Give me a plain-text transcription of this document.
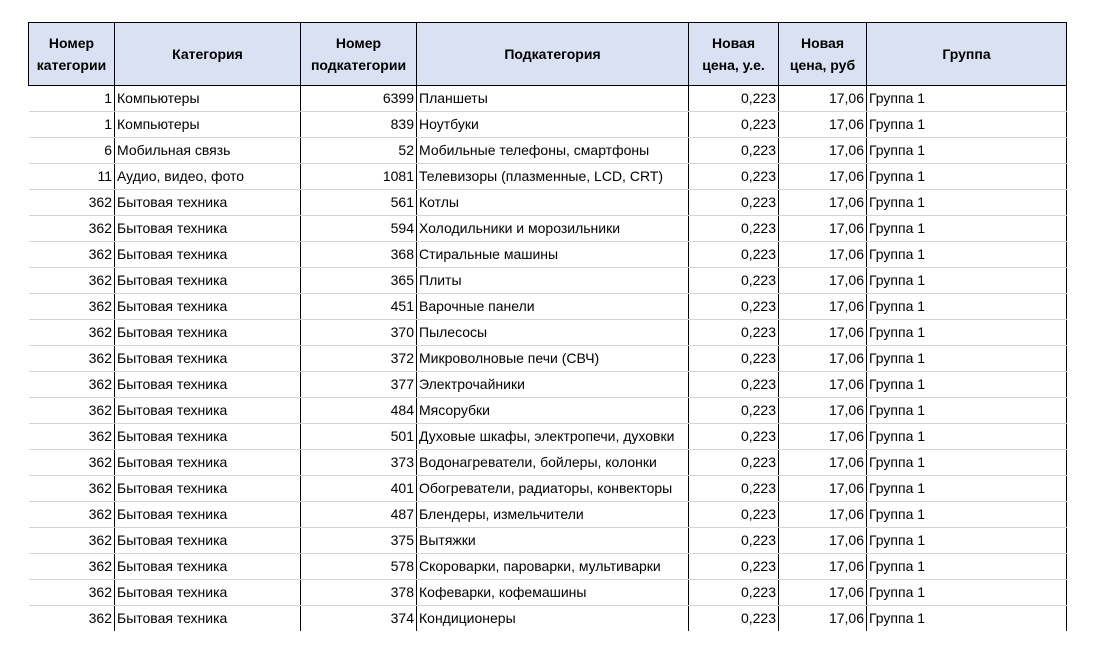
Номер категории	Категория	Номер подкатегории	Подкатегория	Новая цена, у.е.	Новая цена, руб	Группа
1	Компьютеры	6399	Планшеты	0,223	17,06	Группа 1
1	Компьютеры	839	Ноутбуки	0,223	17,06	Группа 1
6	Мобильная связь	52	Мобильные телефоны, смартфоны	0,223	17,06	Группа 1
11	Аудио, видео, фото	1081	Телевизоры (плазменные, LCD, CRT)	0,223	17,06	Группа 1
362	Бытовая техника	561	Котлы	0,223	17,06	Группа 1
362	Бытовая техника	594	Холодильники и морозильники	0,223	17,06	Группа 1
362	Бытовая техника	368	Стиральные машины	0,223	17,06	Группа 1
362	Бытовая техника	365	Плиты	0,223	17,06	Группа 1
362	Бытовая техника	451	Варочные панели	0,223	17,06	Группа 1
362	Бытовая техника	370	Пылесосы	0,223	17,06	Группа 1
362	Бытовая техника	372	Микроволновые печи (СВЧ)	0,223	17,06	Группа 1
362	Бытовая техника	377	Электрочайники	0,223	17,06	Группа 1
362	Бытовая техника	484	Мясорубки	0,223	17,06	Группа 1
362	Бытовая техника	501	Духовые шкафы, электропечи, духовки	0,223	17,06	Группа 1
362	Бытовая техника	373	Водонагреватели, бойлеры, колонки	0,223	17,06	Группа 1
362	Бытовая техника	401	Обогреватели, радиаторы, конвекторы	0,223	17,06	Группа 1
362	Бытовая техника	487	Блендеры, измельчители	0,223	17,06	Группа 1
362	Бытовая техника	375	Вытяжки	0,223	17,06	Группа 1
362	Бытовая техника	578	Скороварки, пароварки, мультиварки	0,223	17,06	Группа 1
362	Бытовая техника	378	Кофеварки, кофемашины	0,223	17,06	Группа 1
362	Бытовая техника	374	Кондиционеры	0,223	17,06	Группа 1
